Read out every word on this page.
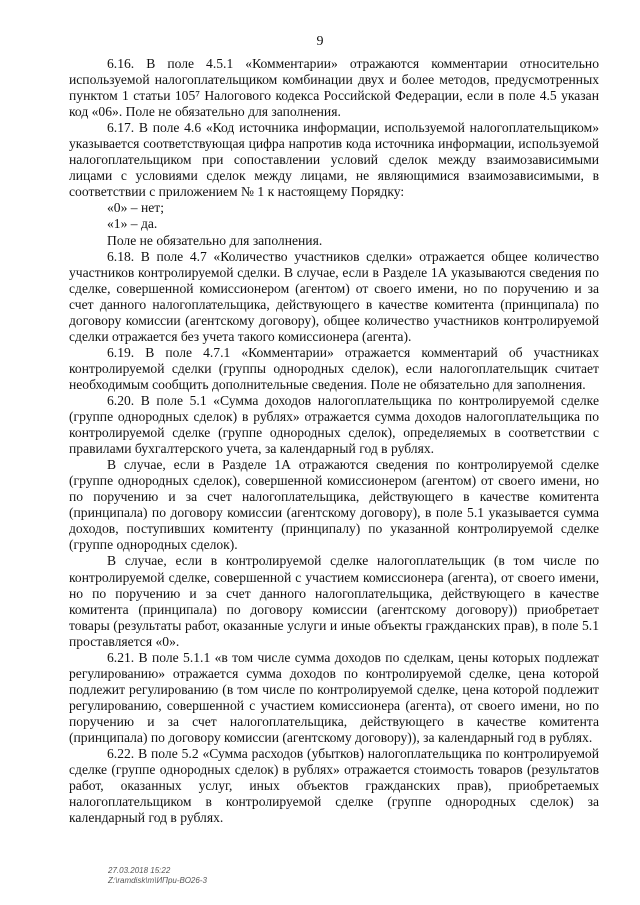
9

6.16. В поле 4.5.1 «Комментарии» отражаются комментарии относительно используемой налогоплательщиком комбинации двух и более методов, предусмотренных пунктом 1 статьи 105⁷ Налогового кодекса Российской Федерации, если в поле 4.5 указан код «06». Поле не обязательно для заполнения.

6.17. В поле 4.6 «Код источника информации, используемой налогоплательщиком» указывается соответствующая цифра напротив кода источника информации, используемой налогоплательщиком при сопоставлении условий сделок между взаимозависимыми лицами с условиями сделок между лицами, не являющимися взаимозависимыми, в соответствии с приложением № 1 к настоящему Порядку:

«0» – нет;

«1» – да.

Поле не обязательно для заполнения.

6.18. В поле 4.7 «Количество участников сделки» отражается общее количество участников контролируемой сделки. В случае, если в Разделе 1А указываются сведения по сделке, совершенной комиссионером (агентом) от своего имени, но по поручению и за счет данного налогоплательщика, действующего в качестве комитента (принципала) по договору комиссии (агентскому договору), общее количество участников контролируемой сделки отражается без учета такого комиссионера (агента).

6.19. В поле 4.7.1 «Комментарии» отражается комментарий об участниках контролируемой сделки (группы однородных сделок), если налогоплательщик считает необходимым сообщить дополнительные сведения. Поле не обязательно для заполнения.

6.20. В поле 5.1 «Сумма доходов налогоплательщика по контролируемой сделке (группе однородных сделок) в рублях» отражается сумма доходов налогоплательщика по контролируемой сделке (группе однородных сделок), определяемых в соответствии с правилами бухгалтерского учета, за календарный год в рублях.

В случае, если в Разделе 1А отражаются сведения по контролируемой сделке (группе однородных сделок), совершенной комиссионером (агентом) от своего имени, но по поручению и за счет налогоплательщика, действующего в качестве комитента (принципала) по договору комиссии (агентскому договору), в поле 5.1 указывается сумма доходов, поступивших комитенту (принципалу) по указанной контролируемой сделке (группе однородных сделок).

В случае, если в контролируемой сделке налогоплательщик (в том числе по контролируемой сделке, совершенной с участием комиссионера (агента), от своего имени, но по поручению и за счет данного налогоплательщика, действующего в качестве комитента (принципала) по договору комиссии (агентскому договору)) приобретает товары (результаты работ, оказанные услуги и иные объекты гражданских прав), в поле 5.1 проставляется «0».

6.21. В поле 5.1.1 «в том числе сумма доходов по сделкам, цены которых подлежат регулированию» отражается сумма доходов по контролируемой сделке, цена которой подлежит регулированию (в том числе по контролируемой сделке, цена которой подлежит регулированию, совершенной с участием комиссионера (агента), от своего имени, но по поручению и за счет налогоплательщика, действующего в качестве комитента (принципала) по договору комиссии (агентскому договору)), за календарный год в рублях.

6.22. В поле 5.2 «Сумма расходов (убытков) налогоплательщика по контролируемой сделке (группе однородных сделок) в рублях» отражается стоимость товаров (результатов работ, оказанных услуг, иных объектов гражданских прав), приобретаемых налогоплательщиком в контролируемой сделке (группе однородных сделок) за календарный год в рублях.

27.03.2018 15:22
Z:\ramdisk\m\ИПри-ВО26-3
